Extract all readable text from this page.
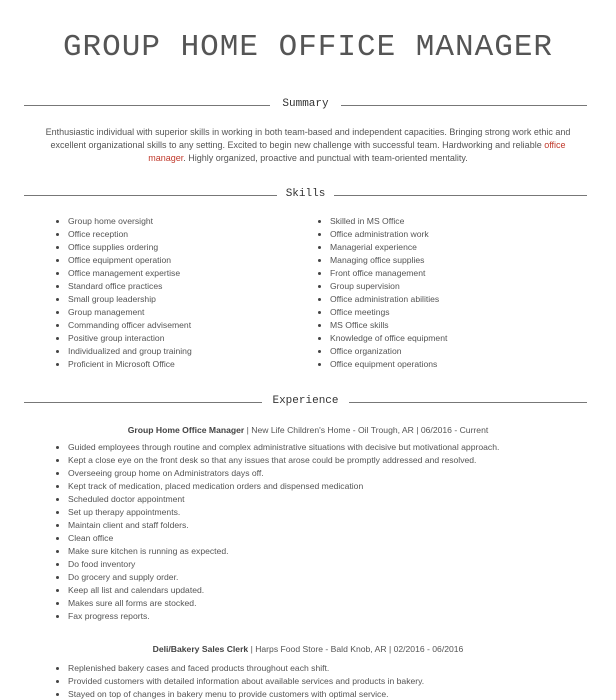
GROUP HOME OFFICE MANAGER
Summary
Enthusiastic individual with superior skills in working in both team-based and independent capacities. Bringing strong work ethic and excellent organizational skills to any setting. Excited to begin new challenge with successful team. Hardworking and reliable office manager. Highly organized, proactive and punctual with team-oriented mentality.
Skills
Group home oversight
Office reception
Office supplies ordering
Office equipment operation
Office management expertise
Standard office practices
Small group leadership
Group management
Commanding officer advisement
Positive group interaction
Individualized and group training
Proficient in Microsoft Office
Skilled in MS Office
Office administration work
Managerial experience
Managing office supplies
Front office management
Group supervision
Office administration abilities
Office meetings
MS Office skills
Knowledge of office equipment
Office organization
Office equipment operations
Experience
Group Home Office Manager | New Life Children's Home - Oil Trough, AR | 06/2016 - Current
Guided employees through routine and complex administrative situations with decisive but motivational approach.
Kept a close eye on the front desk so that any issues that arose could be promptly addressed and resolved.
Overseeing group home on Administrators days off.
Kept track of medication, placed medication orders and dispensed medication
Scheduled doctor appointment
Set up therapy appointments.
Maintain client and staff folders.
Clean office
Make sure kitchen is running as expected.
Do food inventory
Do grocery and supply order.
Keep all list and calendars updated.
Makes sure all forms are stocked.
Fax progress reports.
Deli/Bakery Sales Clerk | Harps Food Store - Bald Knob, AR | 02/2016 - 06/2016
Replenished bakery cases and faced products throughout each shift.
Provided customers with detailed information about available services and products in bakery.
Stayed on top of changes in bakery menu to provide customers with optimal service.
